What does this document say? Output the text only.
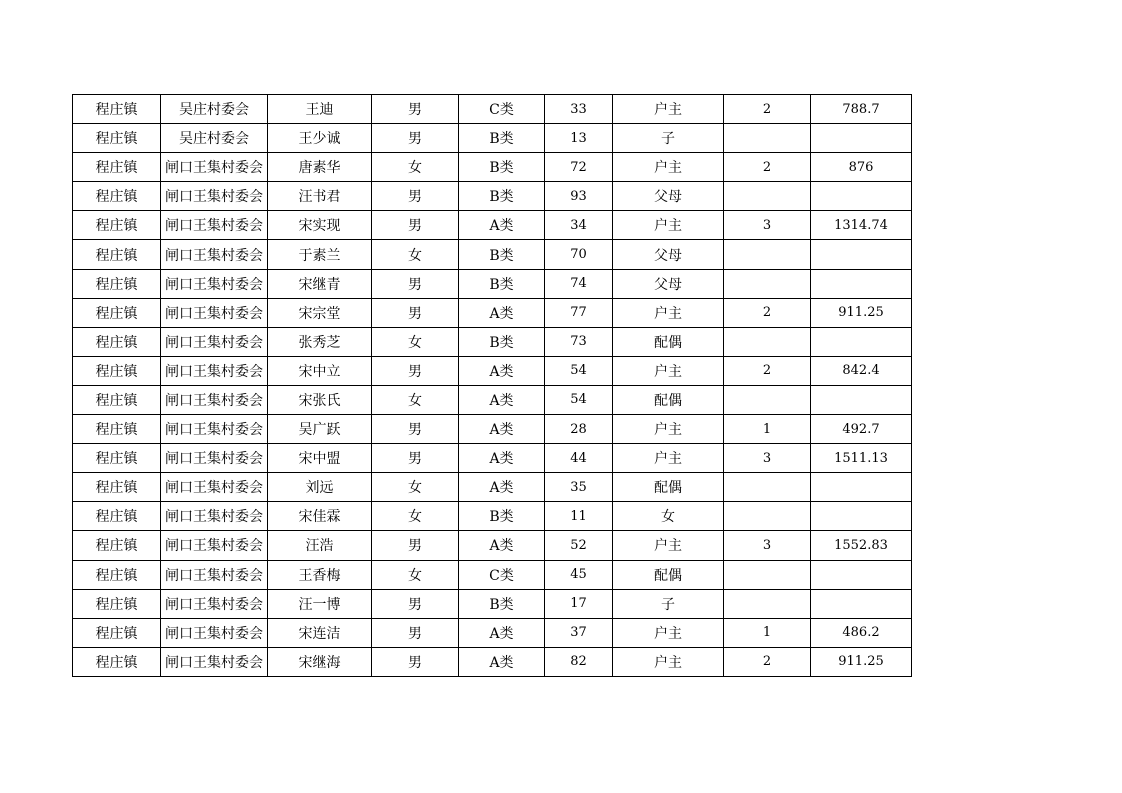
程庄镇	吴庄村委会	王迪	男	C类	33	户主	2	788.7
程庄镇	吴庄村委会	王少诚	男	B类	13	子		
程庄镇	闸口王集村委会	唐素华	女	B类	72	户主	2	876
程庄镇	闸口王集村委会	汪书君	男	B类	93	父母		
程庄镇	闸口王集村委会	宋实现	男	A类	34	户主	3	1314.74
程庄镇	闸口王集村委会	于素兰	女	B类	70	父母		
程庄镇	闸口王集村委会	宋继青	男	B类	74	父母		
程庄镇	闸口王集村委会	宋宗堂	男	A类	77	户主	2	911.25
程庄镇	闸口王集村委会	张秀芝	女	B类	73	配偶		
程庄镇	闸口王集村委会	宋中立	男	A类	54	户主	2	842.4
程庄镇	闸口王集村委会	宋张氏	女	A类	54	配偶		
程庄镇	闸口王集村委会	吴广跃	男	A类	28	户主	1	492.7
程庄镇	闸口王集村委会	宋中盟	男	A类	44	户主	3	1511.13
程庄镇	闸口王集村委会	刘远	女	A类	35	配偶		
程庄镇	闸口王集村委会	宋佳霖	女	B类	11	女		
程庄镇	闸口王集村委会	汪浩	男	A类	52	户主	3	1552.83
程庄镇	闸口王集村委会	王香梅	女	C类	45	配偶		
程庄镇	闸口王集村委会	汪一博	男	B类	17	子		
程庄镇	闸口王集村委会	宋连洁	男	A类	37	户主	1	486.2
程庄镇	闸口王集村委会	宋继海	男	A类	82	户主	2	911.25
